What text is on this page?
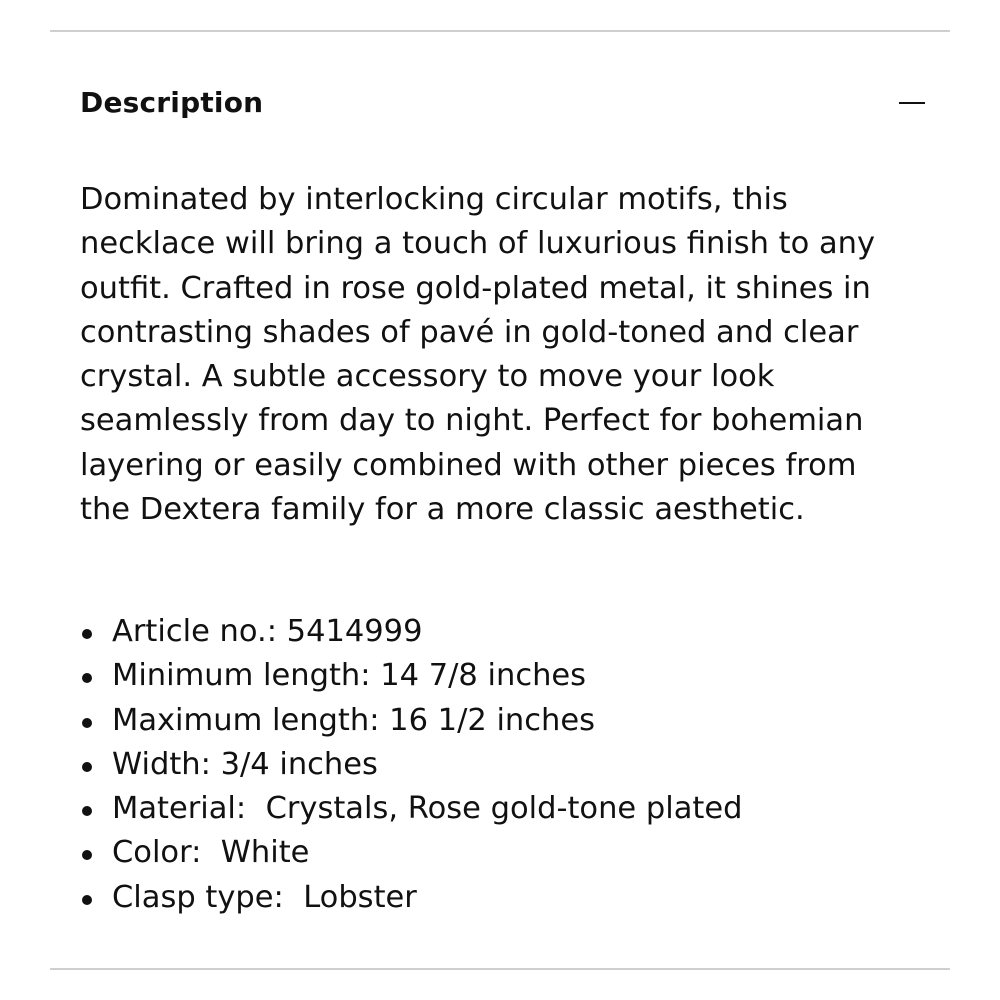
Description

Dominated by interlocking circular motifs, this necklace will bring a touch of luxurious finish to any outfit. Crafted in rose gold-plated metal, it shines in contrasting shades of pavé in gold-toned and clear crystal. A subtle accessory to move your look seamlessly from day to night. Perfect for bohemian layering or easily combined with other pieces from the Dextera family for a more classic aesthetic.

Article no.: 5414999
Minimum length: 14 7/8 inches
Maximum length: 16 1/2 inches
Width: 3/4 inches
Material:  Crystals, Rose gold-tone plated
Color:  White
Clasp type:  Lobster
